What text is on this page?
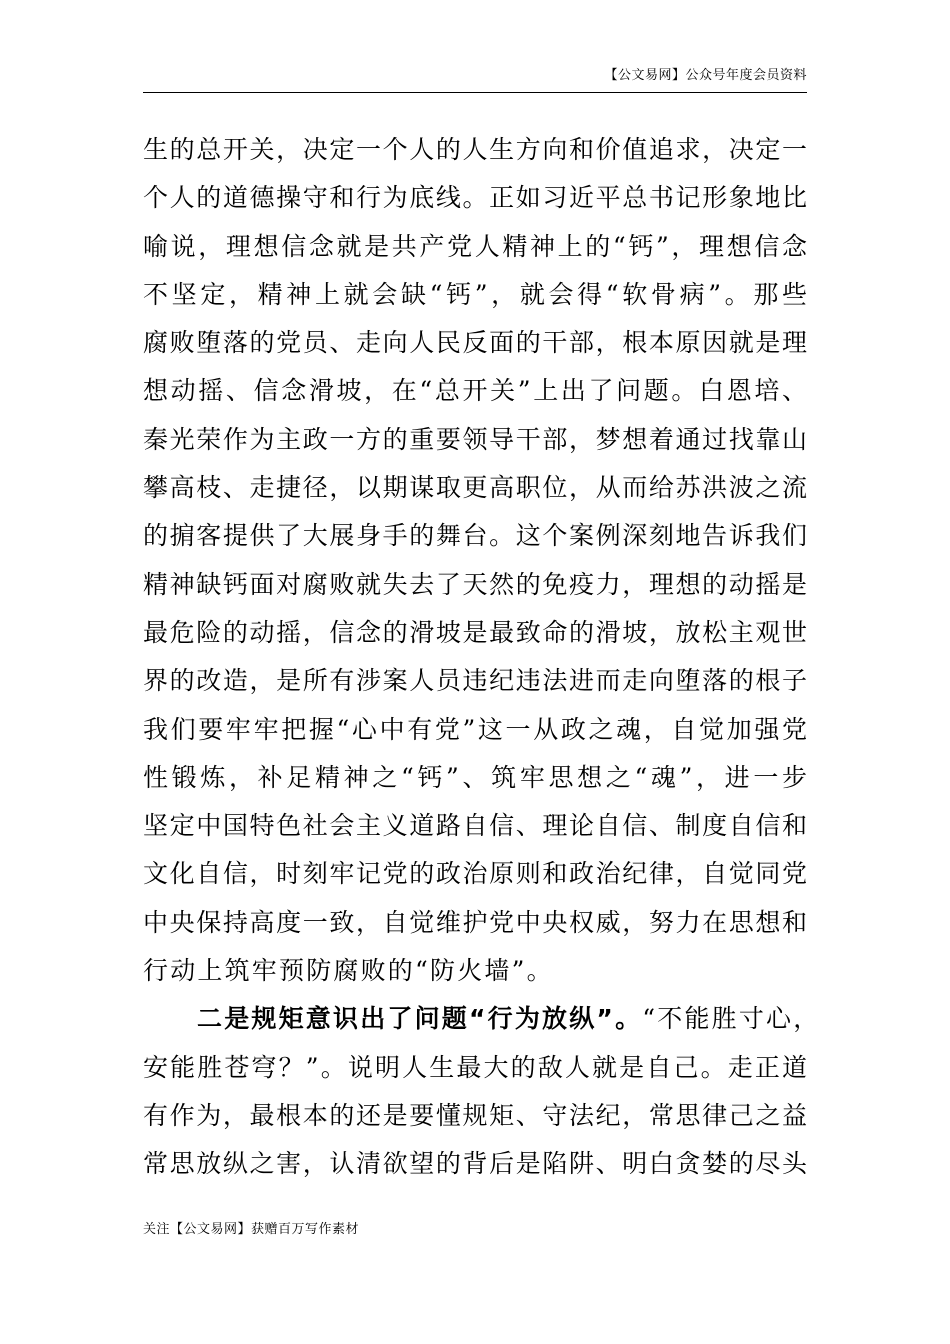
【公文易网】公众号年度会员资料
生的总开关，决定一个人的人生方向和价值追求，决定一
个人的道德操守和行为底线。正如习近平总书记形象地比
喻说，理想信念就是共产党人精神上的“钙”，理想信念
不坚定，精神上就会缺“钙”，就会得“软骨病”。那些
腐败堕落的党员、走向人民反面的干部，根本原因就是理
想动摇、信念滑坡，在“总开关”上出了问题。白恩培、
秦光荣作为主政一方的重要领导干部，梦想着通过找靠山
攀高枝、走捷径，以期谋取更高职位，从而给苏洪波之流
的掮客提供了大展身手的舞台。这个案例深刻地告诉我们
精神缺钙面对腐败就失去了天然的免疫力，理想的动摇是
最危险的动摇，信念的滑坡是最致命的滑坡，放松主观世
界的改造，是所有涉案人员违纪违法进而走向堕落的根子
我们要牢牢把握“心中有党”这一从政之魂，自觉加强党
性锻炼，补足精神之“钙”、筑牢思想之“魂”，进一步
坚定中国特色社会主义道路自信、理论自信、制度自信和
文化自信，时刻牢记党的政治原则和政治纪律，自觉同党
中央保持高度一致，自觉维护党中央权威，努力在思想和
行动上筑牢预防腐败的“防火墙”。
二是规矩意识出了问题“行为放纵”。“不能胜寸心，
安能胜苍穹？”。说明人生最大的敌人就是自己。走正道
有作为，最根本的还是要懂规矩、守法纪，常思律己之益
常思放纵之害，认清欲望的背后是陷阱、明白贪婪的尽头
关注【公文易网】获赠百万写作素材
